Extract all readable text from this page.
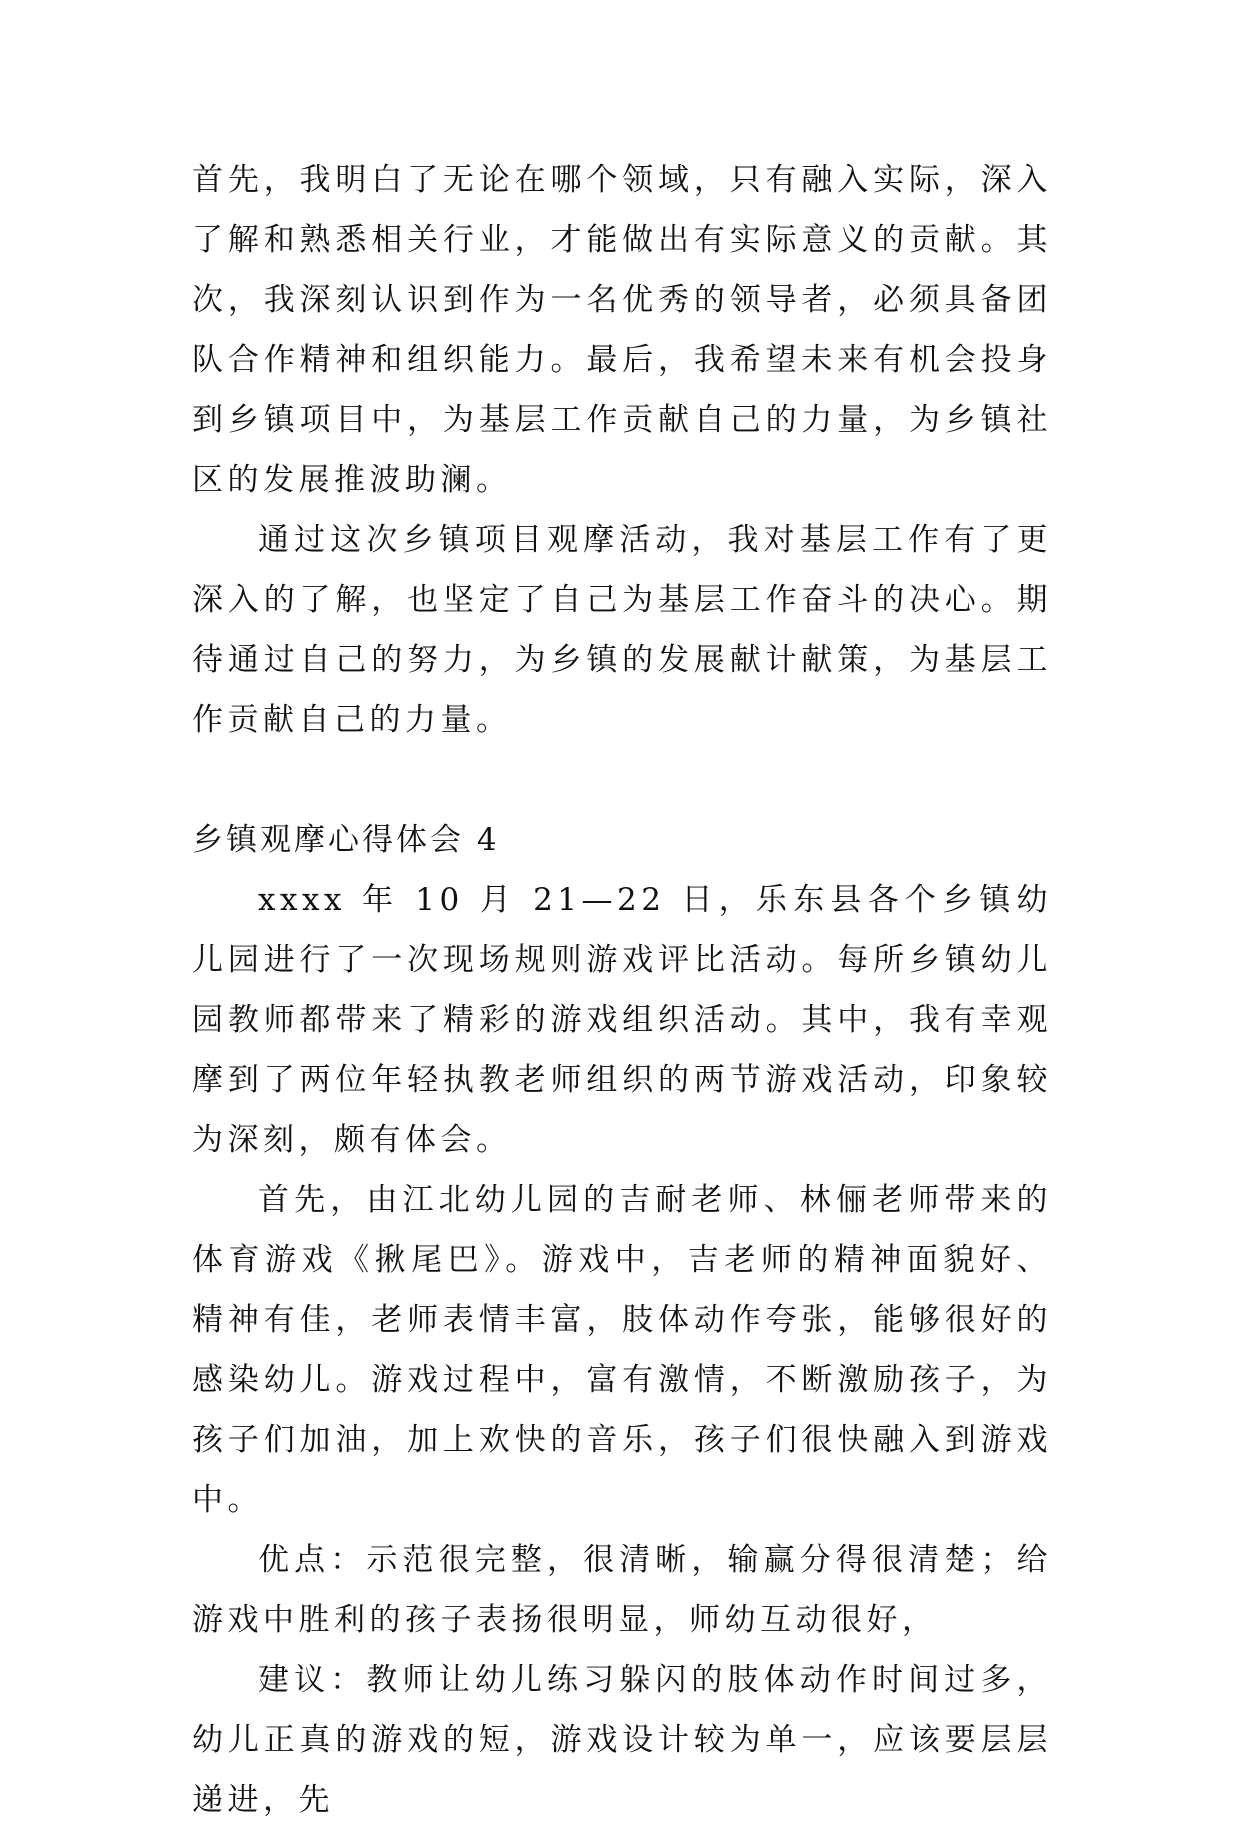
首先，我明白了无论在哪个领域，只有融入实际，深入了解和熟悉相关行业，才能做出有实际意义的贡献。其次，我深刻认识到作为一名优秀的领导者，必须具备团队合作精神和组织能力。最后，我希望未来有机会投身到乡镇项目中，为基层工作贡献自己的力量，为乡镇社区的发展推波助澜。

通过这次乡镇项目观摩活动，我对基层工作有了更深入的了解，也坚定了自己为基层工作奋斗的决心。期待通过自己的努力，为乡镇的发展献计献策，为基层工作贡献自己的力量。

乡镇观摩心得体会 4

xxxx 年 10 月 21—22 日，乐东县各个乡镇幼儿园进行了一次现场规则游戏评比活动。每所乡镇幼儿园教师都带来了精彩的游戏组织活动。其中，我有幸观摩到了两位年轻执教老师组织的两节游戏活动，印象较为深刻，颇有体会。

首先，由江北幼儿园的吉耐老师、林俪老师带来的体育游戏《揪尾巴》。游戏中，吉老师的精神面貌好、精神有佳，老师表情丰富，肢体动作夸张，能够很好的感染幼儿。游戏过程中，富有激情，不断激励孩子，为孩子们加油，加上欢快的音乐，孩子们很快融入到游戏中。

优点：示范很完整，很清晰，输赢分得很清楚；给游戏中胜利的孩子表扬很明显，师幼互动很好，

建议：教师让幼儿练习躲闪的肢体动作时间过多，幼儿正真的游戏的短，游戏设计较为单一，应该要层层递进，先
